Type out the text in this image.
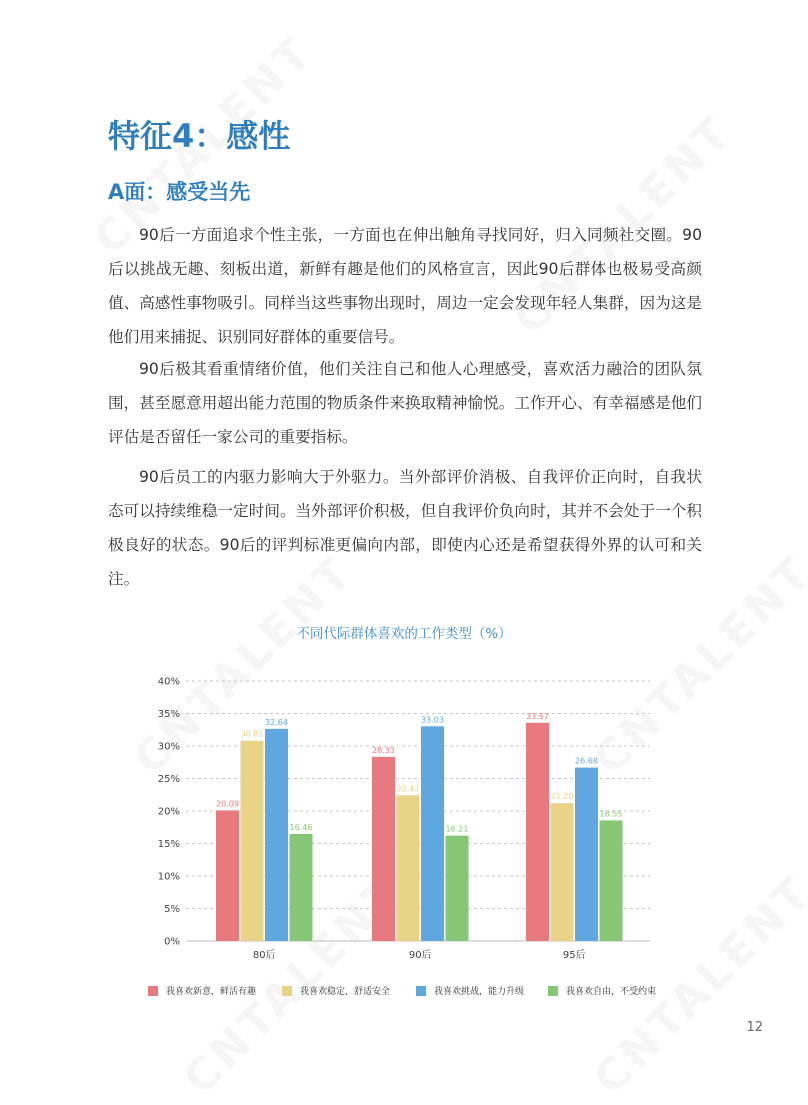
特征4：感性
A面：感受当先

90后一方面追求个性主张，一方面也在伸出触角寻找同好，归入同频社交圈。90后以挑战无趣、刻板出道，新鲜有趣是他们的风格宣言，因此90后群体也极易受高颜值、高感性事物吸引。同样当这些事物出现时，周边一定会发现年轻人集群，因为这是他们用来捕捉、识别同好群体的重要信号。

90后极其看重情绪价值，他们关注自己和他人心理感受，喜欢活力融洽的团队氛围，甚至愿意用超出能力范围的物质条件来换取精神愉悦。工作开心、有幸福感是他们评估是否留任一家公司的重要指标。

90后员工的内驱力影响大于外驱力。当外部评价消极、自我评价正向时，自我状态可以持续维稳一定时间。当外部评价积极，但自我评价负向时，其并不会处于一个积极良好的状态。90后的评判标准更偏向内部，即使内心还是希望获得外界的认可和关注。

不同代际群体喜欢的工作类型（%）
0%
5%
10%
15%
20%
25%
30%
35%
40%
20.09
30.81
32.64
16.46
80后
28.33
22.42
33.03
16.21
90后
33.57
21.20
26.68
18.55
95后
我喜欢新意，鲜活有趣	我喜欢稳定，舒适安全	我喜欢挑战，能力升级	我喜欢自由，不受约束
12
